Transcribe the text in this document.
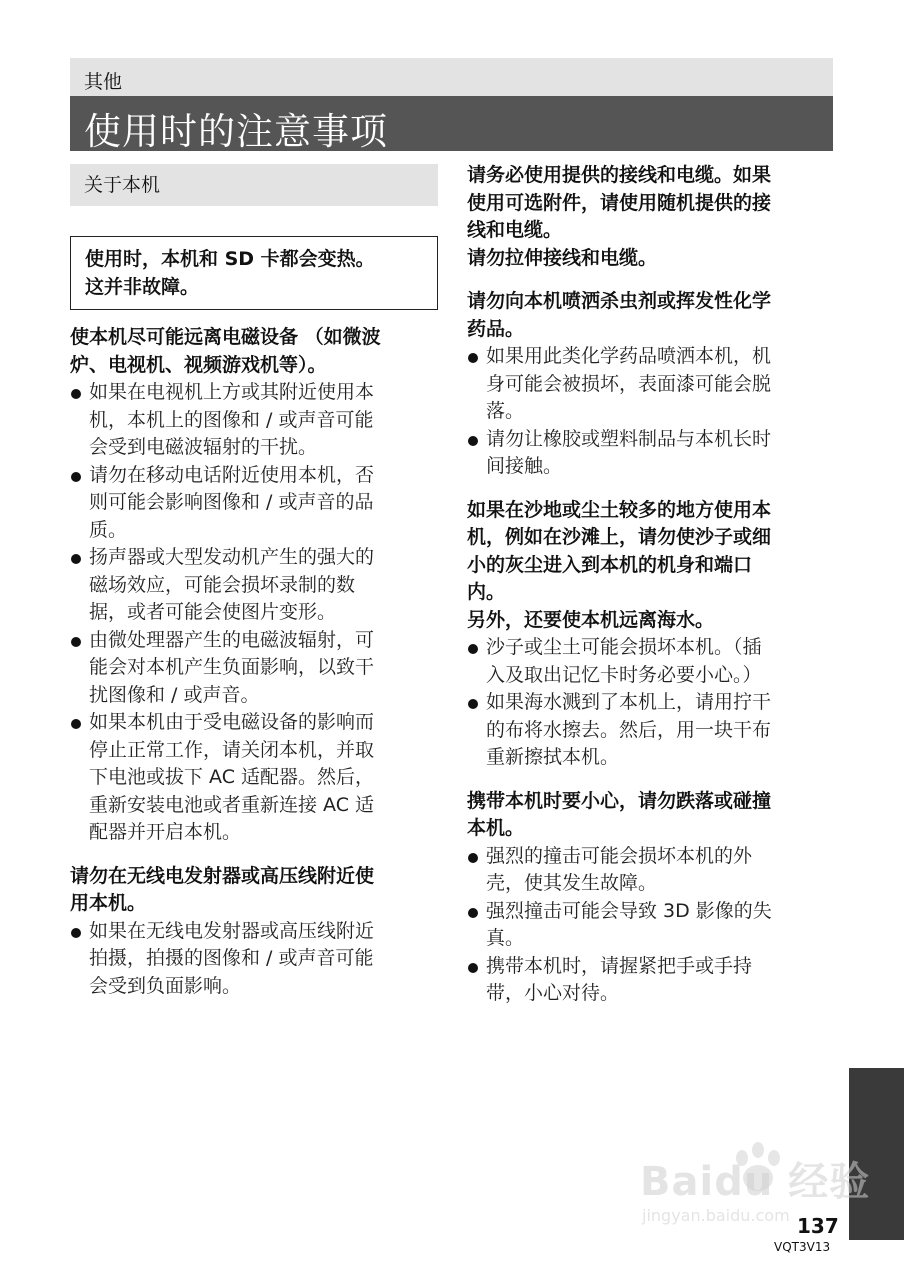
其他
使用时的注意事项
关于本机
使用时，本机和 SD 卡都会变热。
这并非故障。
使本机尽可能远离电磁设备 （如微波
炉、电视机、视频游戏机等）。
如果在电视机上方或其附近使用本
机，本机上的图像和 / 或声音可能
会受到电磁波辐射的干扰。
请勿在移动电话附近使用本机，否
则可能会影响图像和 / 或声音的品
质。
扬声器或大型发动机产生的强大的
磁场效应，可能会损坏录制的数
据，或者可能会使图片变形。
由微处理器产生的电磁波辐射，可
能会对本机产生负面影响，以致干
扰图像和 / 或声音。
如果本机由于受电磁设备的影响而
停止正常工作，请关闭本机，并取
下电池或拔下 AC 适配器。然后，
重新安装电池或者重新连接 AC 适
配器并开启本机。
请勿在无线电发射器或高压线附近使
用本机。
如果在无线电发射器或高压线附近
拍摄，拍摄的图像和 / 或声音可能
会受到负面影响。
请务必使用提供的接线和电缆。如果
使用可选附件，请使用随机提供的接
线和电缆。
请勿拉伸接线和电缆。
请勿向本机喷洒杀虫剂或挥发性化学
药品。
如果用此类化学药品喷洒本机，机
身可能会被损坏，表面漆可能会脱
落。
请勿让橡胶或塑料制品与本机长时
间接触。
如果在沙地或尘土较多的地方使用本
机，例如在沙滩上，请勿使沙子或细
小的灰尘进入到本机的机身和端口
内。
另外，还要使本机远离海水。
沙子或尘土可能会损坏本机。（插
入及取出记忆卡时务必要小心。）
如果海水溅到了本机上，请用拧干
的布将水擦去。然后，用一块干布
重新擦拭本机。
携带本机时要小心，请勿跌落或碰撞
本机。
强烈的撞击可能会损坏本机的外
壳，使其发生故障。
强烈撞击可能会导致 3D 影像的失
真。
携带本机时，请握紧把手或手持
带，小心对待。
Baidu 经验
jingyan.baidu.com 137
VQT3V13
